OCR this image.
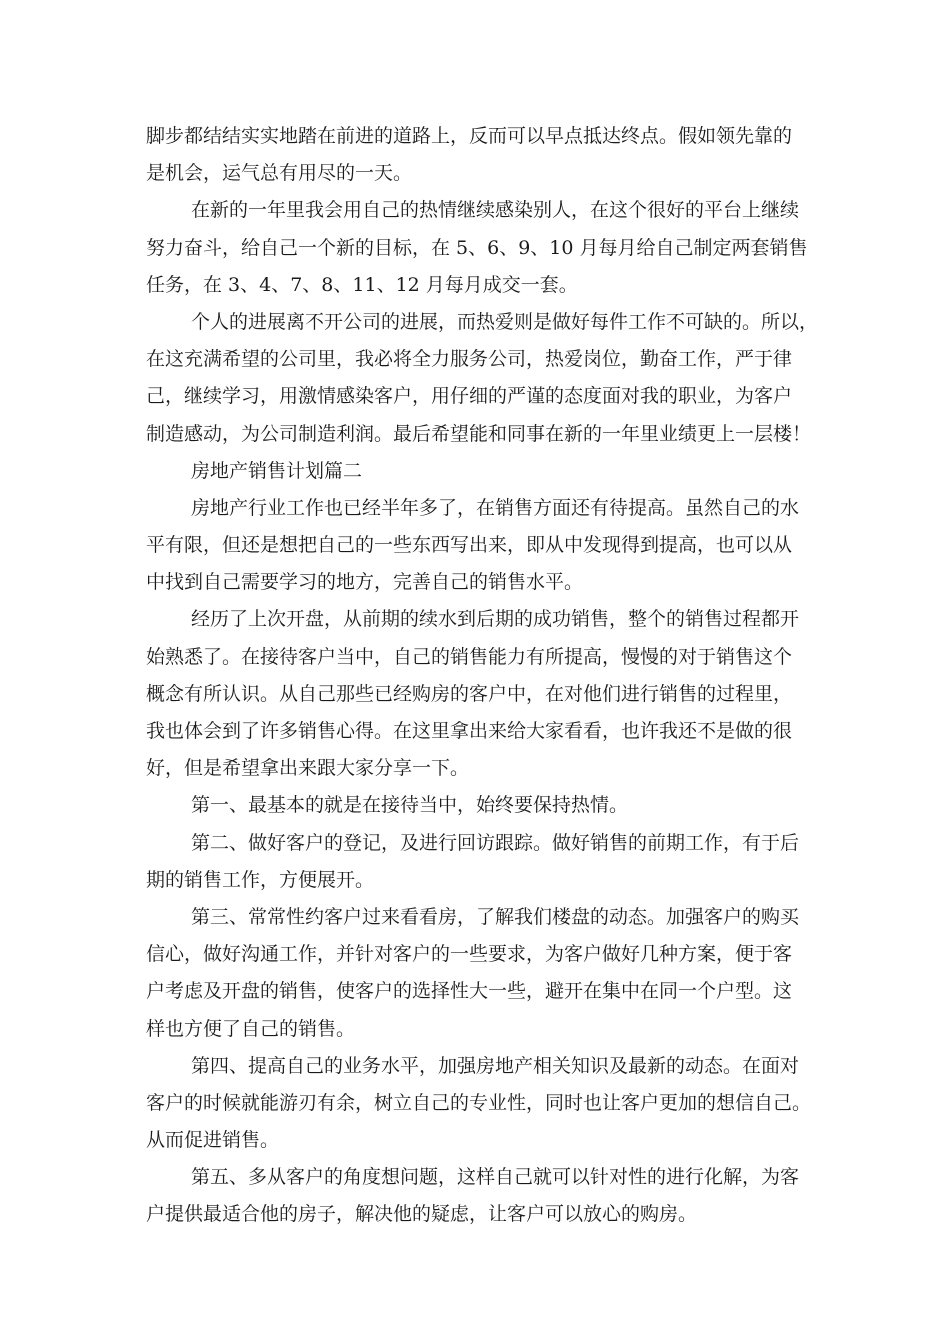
脚步都结结实实地踏在前进的道路上，反而可以早点抵达终点。假如领先靠的
是机会，运气总有用尽的一天。
在新的一年里我会用自己的热情继续感染别人，在这个很好的平台上继续
努力奋斗，给自己一个新的目标，在 5、6、9、10 月每月给自己制定两套销售
任务，在 3、4、7、8、11、12 月每月成交一套。
个人的进展离不开公司的进展，而热爱则是做好每件工作不可缺的。所以，
在这充满希望的公司里，我必将全力服务公司，热爱岗位，勤奋工作，严于律
己，继续学习，用激情感染客户，用仔细的严谨的态度面对我的职业，为客户
制造感动，为公司制造利润。最后希望能和同事在新的一年里业绩更上一层楼！
房地产销售计划篇二
房地产行业工作也已经半年多了，在销售方面还有待提高。虽然自己的水
平有限，但还是想把自己的一些东西写出来，即从中发现得到提高，也可以从
中找到自己需要学习的地方，完善自己的销售水平。
经历了上次开盘，从前期的续水到后期的成功销售，整个的销售过程都开
始熟悉了。在接待客户当中，自己的销售能力有所提高，慢慢的对于销售这个
概念有所认识。从自己那些已经购房的客户中，在对他们进行销售的过程里，
我也体会到了许多销售心得。在这里拿出来给大家看看，也许我还不是做的很
好，但是希望拿出来跟大家分享一下。
第一、最基本的就是在接待当中，始终要保持热情。
第二、做好客户的登记，及进行回访跟踪。做好销售的前期工作，有于后
期的销售工作，方便展开。
第三、常常性约客户过来看看房，了解我们楼盘的动态。加强客户的购买
信心，做好沟通工作，并针对客户的一些要求，为客户做好几种方案，便于客
户考虑及开盘的销售，使客户的选择性大一些，避开在集中在同一个户型。这
样也方便了自己的销售。
第四、提高自己的业务水平，加强房地产相关知识及最新的动态。在面对
客户的时候就能游刃有余，树立自己的专业性，同时也让客户更加的想信自己。
从而促进销售。
第五、多从客户的角度想问题，这样自己就可以针对性的进行化解，为客
户提供最适合他的房子，解决他的疑虑，让客户可以放心的购房。
